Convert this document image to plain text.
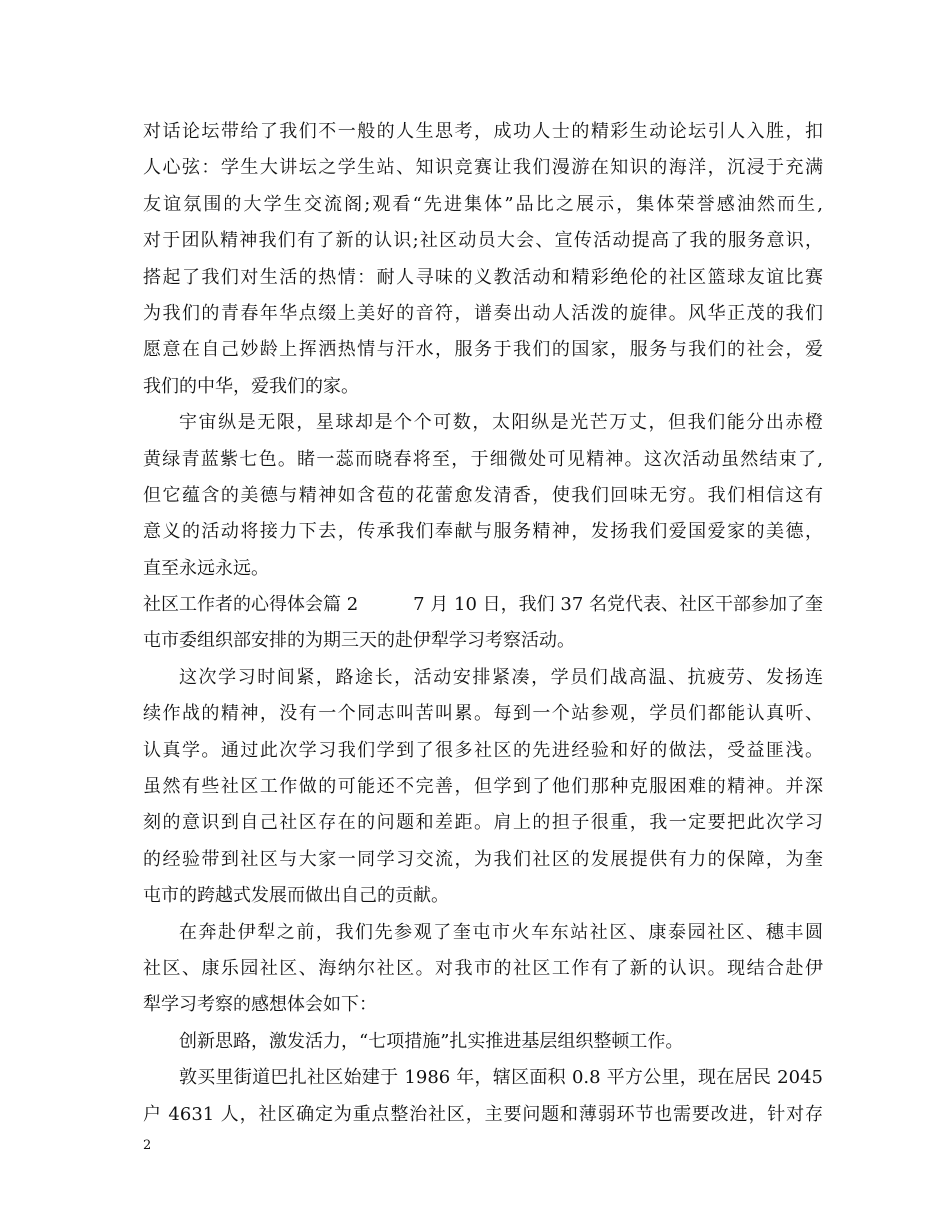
对话论坛带给了我们不一般的人生思考，成功人士的精彩生动论坛引人入胜，扣
人心弦：学生大讲坛之学生站、知识竞赛让我们漫游在知识的海洋，沉浸于充满
友谊氛围的大学生交流阁;观看“先进集体”品比之展示，集体荣誉感油然而生,
对于团队精神我们有了新的认识;社区动员大会、宣传活动提高了我的服务意识，
搭起了我们对生活的热情：耐人寻味的义教活动和精彩绝伦的社区篮球友谊比赛
为我们的青春年华点缀上美好的音符，谱奏出动人活泼的旋律。风华正茂的我们
愿意在自己妙龄上挥洒热情与汗水，服务于我们的国家，服务与我们的社会，爱
我们的中华，爱我们的家。
宇宙纵是无限，星球却是个个可数，太阳纵是光芒万丈，但我们能分出赤橙
黄绿青蓝紫七色。睹一蕊而晓春将至，于细微处可见精神。这次活动虽然结束了,
但它蕴含的美德与精神如含苞的花蕾愈发清香，使我们回味无穷。我们相信这有
意义的活动将接力下去，传承我们奉献与服务精神，发扬我们爱国爱家的美德，
直至永远永远。
社区工作者的心得体会篇 2	7 月 10 日，我们 37 名党代表、社区干部参加了奎
屯市委组织部安排的为期三天的赴伊犁学习考察活动。
这次学习时间紧，路途长，活动安排紧凑，学员们战高温、抗疲劳、发扬连
续作战的精神，没有一个同志叫苦叫累。每到一个站参观，学员们都能认真听、
认真学。通过此次学习我们学到了很多社区的先进经验和好的做法，受益匪浅。
虽然有些社区工作做的可能还不完善，但学到了他们那种克服困难的精神。并深
刻的意识到自己社区存在的问题和差距。肩上的担子很重，我一定要把此次学习
的经验带到社区与大家一同学习交流，为我们社区的发展提供有力的保障，为奎
屯市的跨越式发展而做出自己的贡献。
在奔赴伊犁之前，我们先参观了奎屯市火车东站社区、康泰园社区、穗丰圆
社区、康乐园社区、海纳尔社区。对我市的社区工作有了新的认识。现结合赴伊
犁学习考察的感想体会如下：
创新思路，激发活力，“七项措施”扎实推进基层组织整顿工作。
敦买里街道巴扎社区始建于 1986 年，辖区面积 0.8 平方公里，现在居民 2045
户 4631 人，社区确定为重点整治社区，主要问题和薄弱环节也需要改进，针对存
2
